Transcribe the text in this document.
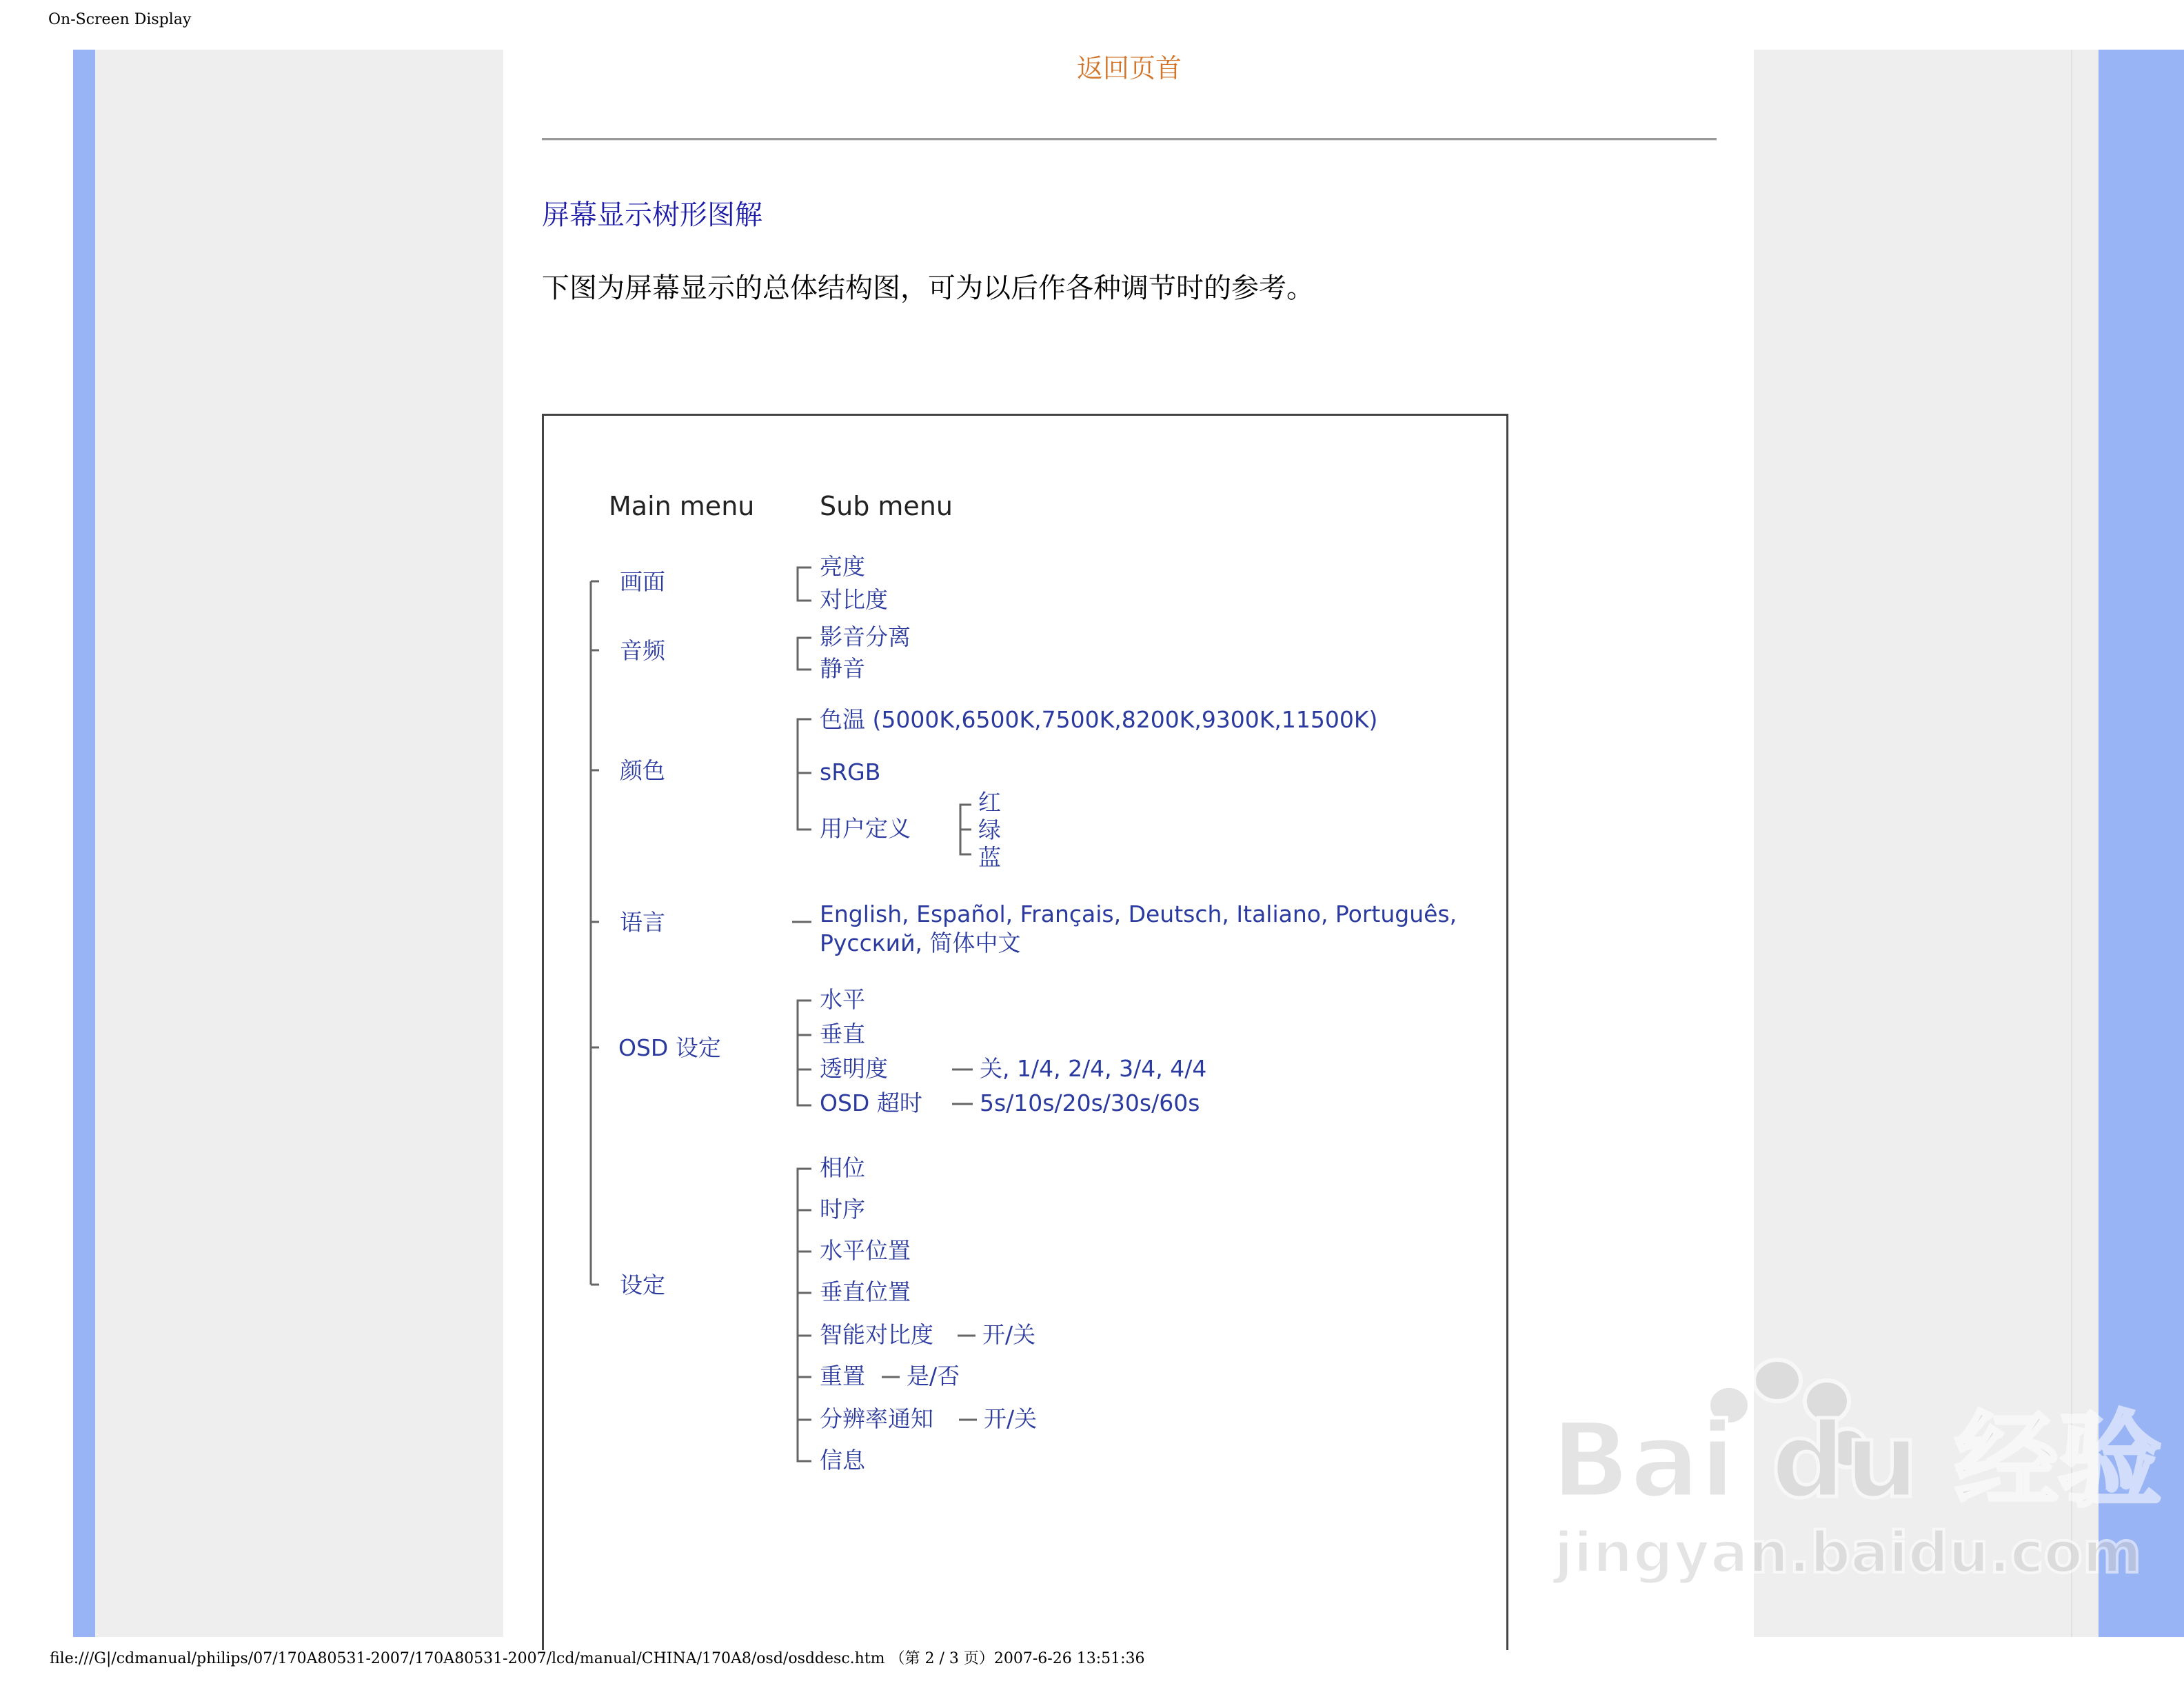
On-Screen Display
返回页首
屏幕显示树形图解
下图为屏幕显示的总体结构图，可为以后作各种调节时的参考。
Main menu Sub menu
画面
亮度
对比度
音频
影音分离
静音
颜色
色温 (5000K,6500K,7500K,8200K,9300K,11500K)
sRGB
用户定义
红
绿
蓝
语言	English, Español, Français, Deutsch, Italiano, Português,
Русский, 简体中文
OSD 设定
水平
垂直
透明度
OSD 超时
关, 1/4, 2/4, 3/4, 4/4
5s/10s/20s/30s/60s
设定
相位
时序
水平位置
垂直位置
智能对比度
重置
分辨率通知
信息
开/关
是/否
开/关	Bai du 经验
jingyan.baidu.com
file:///G|/cdmanual/philips/07/170A80531-2007/170A80531-2007/lcd/manual/CHINA/170A8/osd/osddesc.htm （第 2 / 3 页）2007-6-26 13:51:36
